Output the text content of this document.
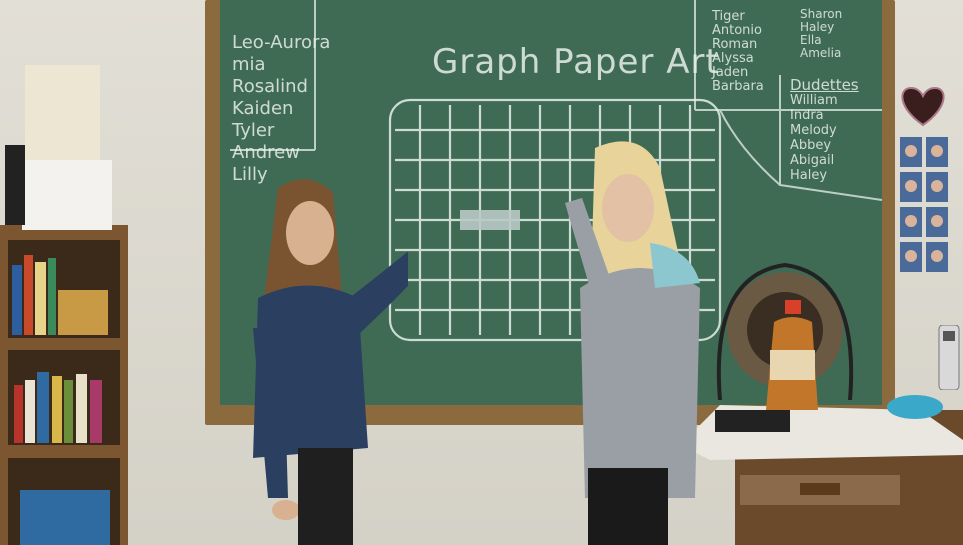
Graph Paper Art
Leo-Aurora
mia
Rosalind
Kaiden
Tyler
Andrew
Lilly
Tiger
Antonio
Roman
Alyssa
Jaden
Barbara
Sharon
Haley
Ella
Amelia
Dudettes
William
Indra
Melody
Abbey
Abigail
Haley
